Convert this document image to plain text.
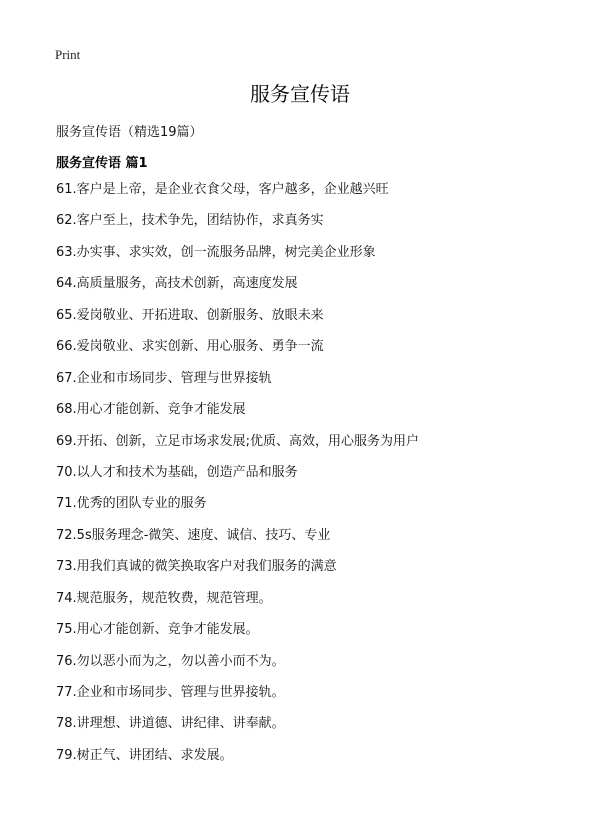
Print
服务宣传语
服务宣传语（精选19篇）
服务宣传语 篇1
61.客户是上帝，是企业衣食父母，客户越多，企业越兴旺
62.客户至上，技术争先，团结协作，求真务实
63.办实事、求实效，创一流服务品牌，树完美企业形象
64.高质量服务，高技术创新，高速度发展
65.爱岗敬业、开拓进取、创新服务、放眼未来
66.爱岗敬业、求实创新、用心服务、勇争一流
67.企业和市场同步、管理与世界接轨
68.用心才能创新、竞争才能发展
69.开拓、创新，立足市场求发展;优质、高效，用心服务为用户
70.以人才和技术为基础，创造产品和服务
71.优秀的团队专业的服务
72.5s服务理念-微笑、速度、诚信、技巧、专业
73.用我们真诚的微笑换取客户对我们服务的满意
74.规范服务，规范牧费，规范管理。
75.用心才能创新、竞争才能发展。
76.勿以恶小而为之，勿以善小而不为。
77.企业和市场同步、管理与世界接轨。
78.讲理想、讲道德、讲纪律、讲奉献。
79.树正气、讲团结、求发展。
